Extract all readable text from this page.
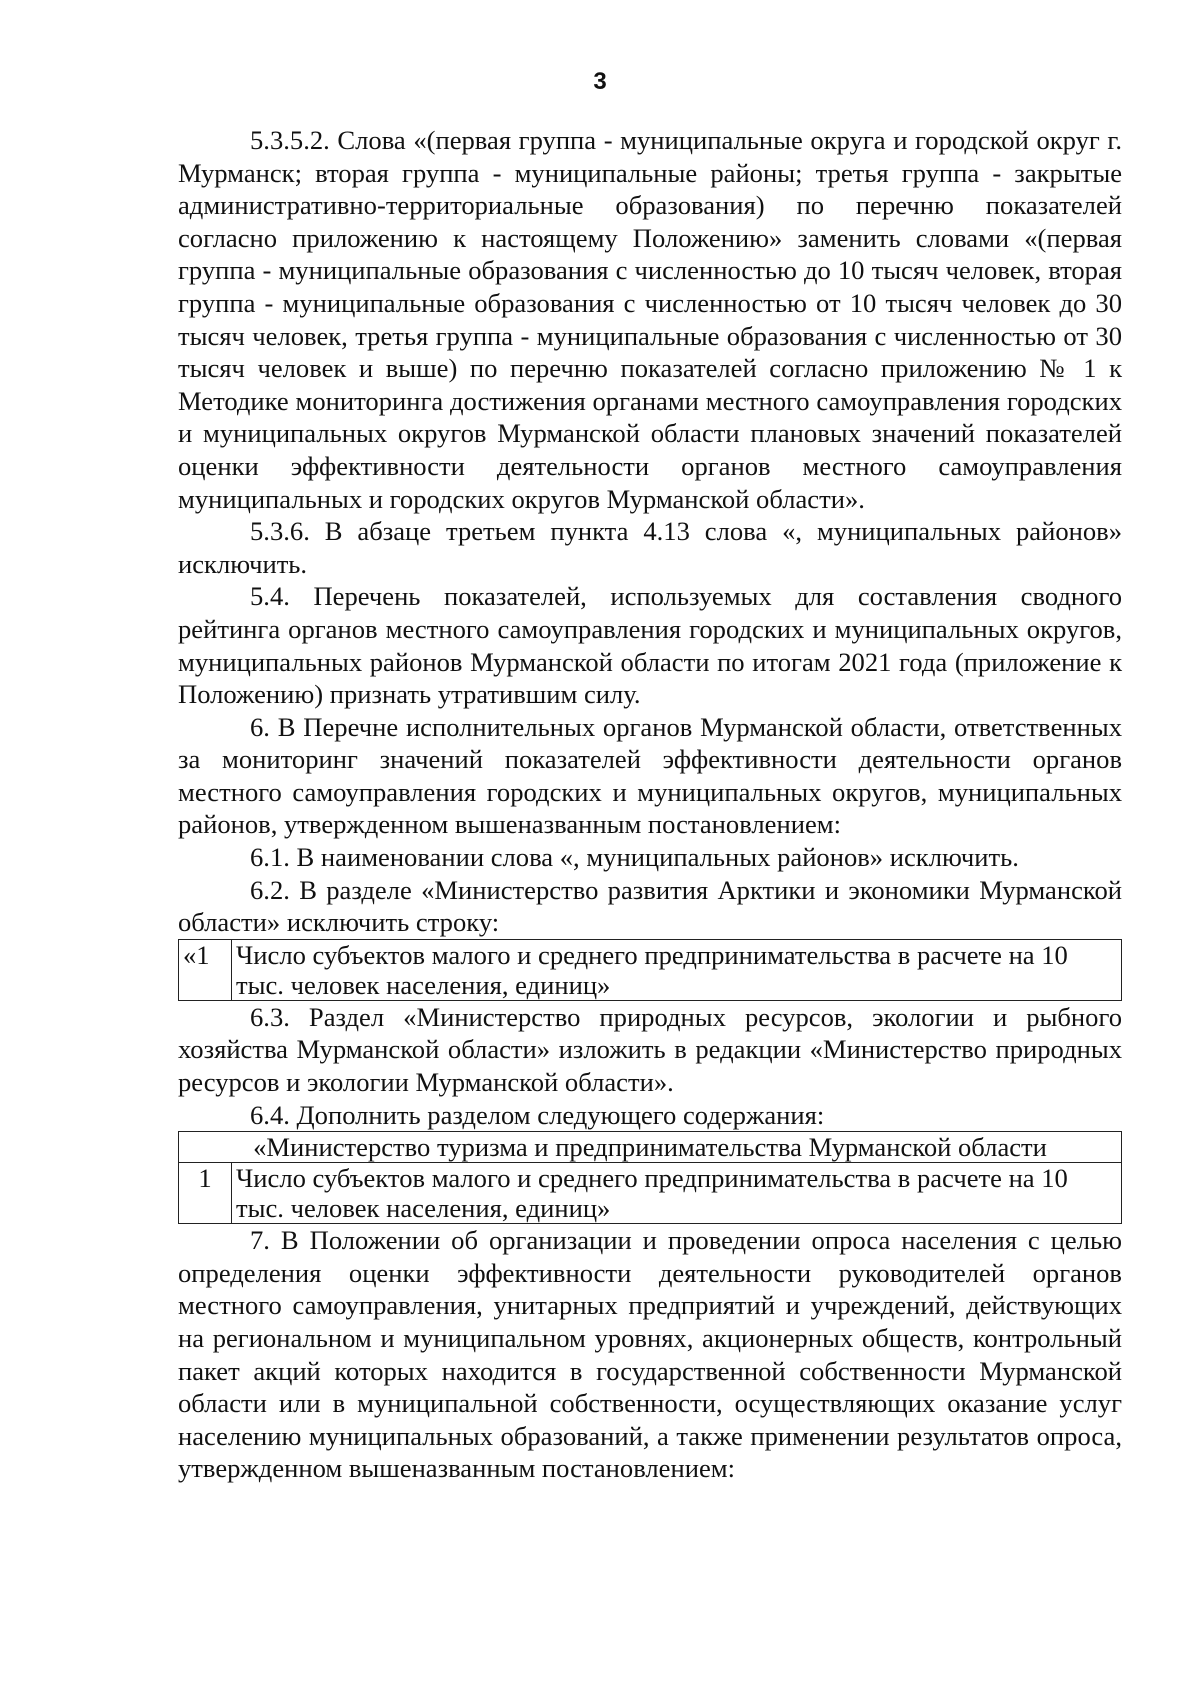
3

5.3.5.2. Слова «(первая группа - муниципальные округа и городской округ г. Мурманск; вторая группа - муниципальные районы; третья группа - закрытые административно-территориальные образования) по перечню показателей согласно приложению к настоящему Положению» заменить словами «(первая группа - муниципальные образования с численностью до 10 тысяч человек, вторая группа - муниципальные образования с численностью от 10 тысяч человек до 30 тысяч человек, третья группа - муниципальные образования с численностью от 30 тысяч человек и выше) по перечню показателей согласно приложению № 1 к Методике мониторинга достижения органами местного самоуправления городских и муниципальных округов Мурманской области плановых значений показателей оценки эффективности деятельности органов местного самоуправления муниципальных и городских округов Мурманской области».

5.3.6. В абзаце третьем пункта 4.13 слова «, муниципальных районов» исключить.

5.4. Перечень показателей, используемых для составления сводного рейтинга органов местного самоуправления городских и муниципальных округов, муниципальных районов Мурманской области по итогам 2021 года (приложение к Положению) признать утратившим силу.

6. В Перечне исполнительных органов Мурманской области, ответственных за мониторинг значений показателей эффективности деятельности органов местного самоуправления городских и муниципальных округов, муниципальных районов, утвержденном вышеназванным постановлением:

6.1. В наименовании слова «, муниципальных районов» исключить.

6.2. В разделе «Министерство развития Арктики и экономики Мурманской области» исключить строку:

«1	Число субъектов малого и среднего предпринимательства в расчете на 10 тыс. человек населения, единиц»

6.3. Раздел «Министерство природных ресурсов, экологии и рыбного хозяйства Мурманской области» изложить в редакции «Министерство природных ресурсов и экологии Мурманской области».

6.4. Дополнить разделом следующего содержания:

«Министерство туризма и предпринимательства Мурманской области
1	Число субъектов малого и среднего предпринимательства в расчете на 10 тыс. человек населения, единиц»

7. В Положении об организации и проведении опроса населения с целью определения оценки эффективности деятельности руководителей органов местного самоуправления, унитарных предприятий и учреждений, действующих на региональном и муниципальном уровнях, акционерных обществ, контрольный пакет акций которых находится в государственной собственности Мурманской области или в муниципальной собственности, осуществляющих оказание услуг населению муниципальных образований, а также применении результатов опроса, утвержденном вышеназванным постановлением:
